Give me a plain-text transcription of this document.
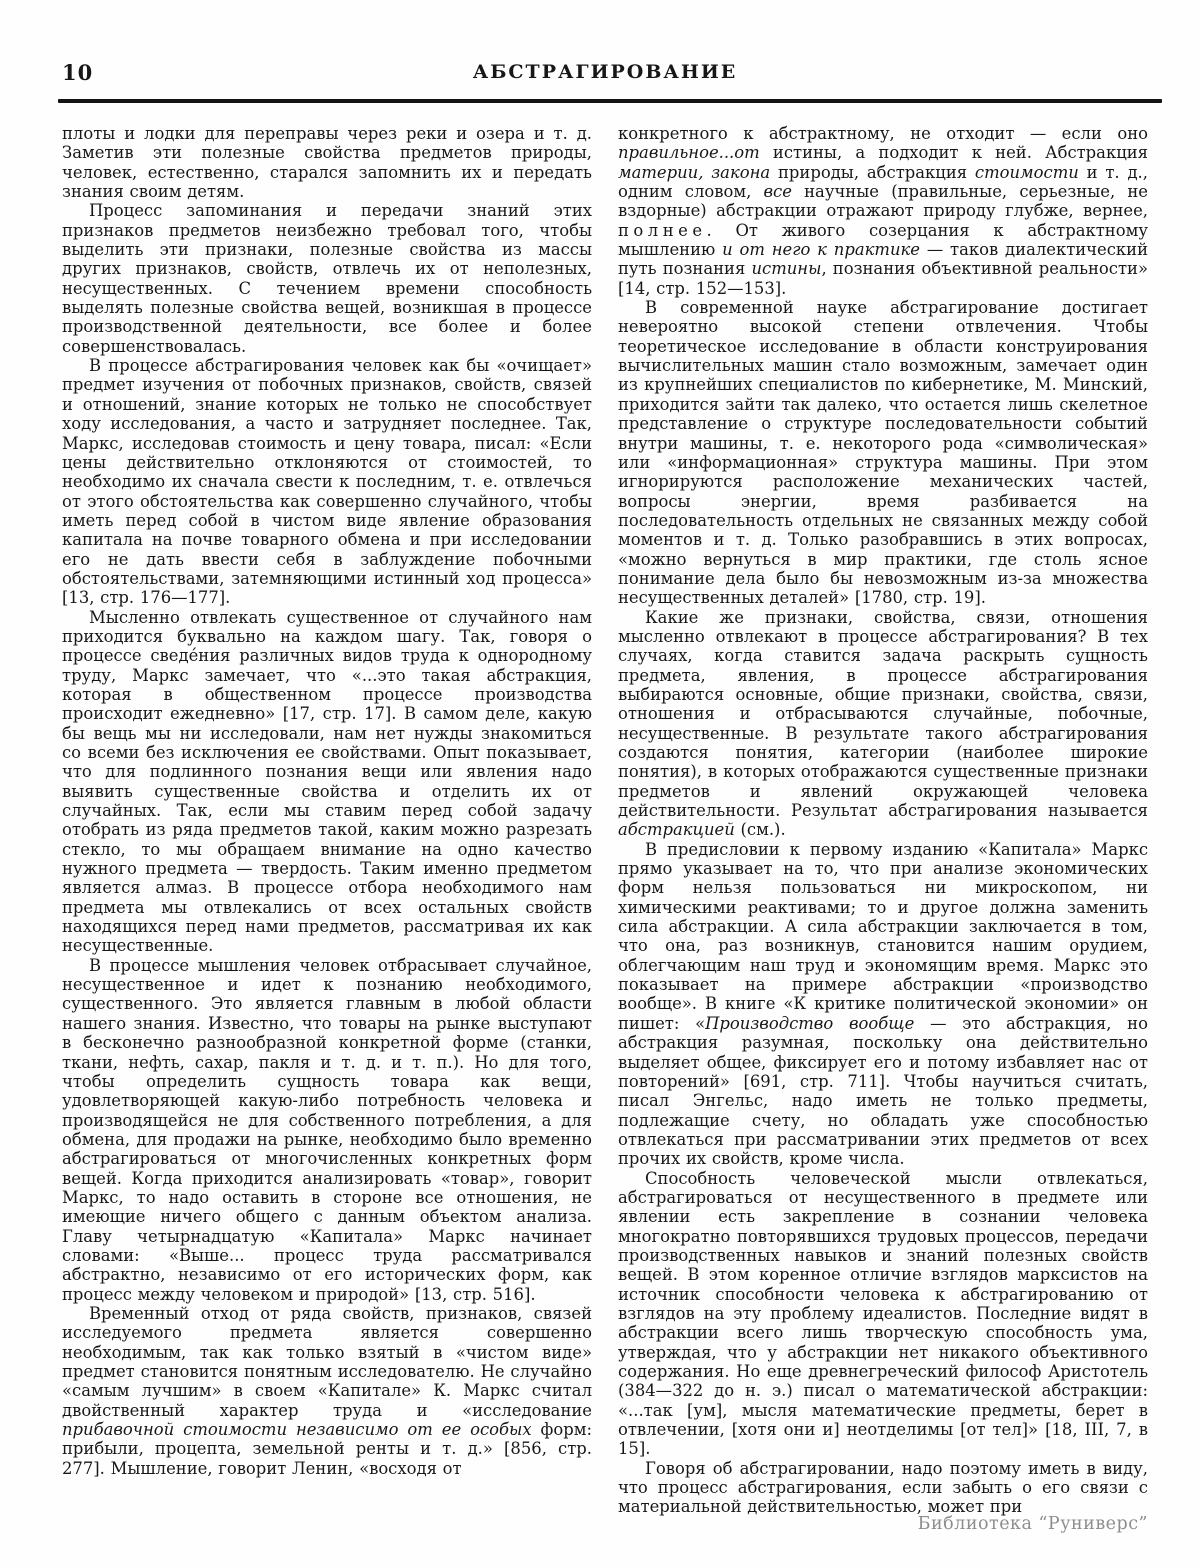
10	АБСТРАГИРОВАНИЕ

плоты и лодки для переправы через реки и озера и т. д. Заметив эти полезные свойства предметов природы, человек, естественно, старался запомнить их и передать знания своим детям.

Процесс запоминания и передачи знаний этих признаков предметов неизбежно требовал того, чтобы выделить эти признаки, полезные свойства из массы других признаков, свойств, отвлечь их от неполезных, несущественных. С течением времени способность выделять полезные свойства вещей, возникшая в процессе производственной деятельности, все более и более совершенствовалась.

В процессе абстрагирования человек как бы «очищает» предмет изучения от побочных признаков, свойств, связей и отношений, знание которых не только не способствует ходу исследования, а часто и затрудняет последнее. Так, Маркс, исследовав стоимость и цену товара, писал: «Если цены действительно отклоняются от стоимостей, то необходимо их сначала свести к последним, т. е. отвлечься от этого обстоятельства как совершенно случайного, чтобы иметь перед собой в чистом виде явление образования капитала на почве товарного обмена и при исследовании его не дать ввести себя в заблуждение побочными обстоятельствами, затемняющими истинный ход процесса» [13, стр. 176—177].

Мысленно отвлекать существенное от случайного нам приходится буквально на каждом шагу. Так, говоря о процессе сведе́ния различных видов труда к однородному труду, Маркс замечает, что «...это такая абстракция, которая в общественном процессе производства происходит ежедневно» [17, стр. 17]. В самом деле, какую бы вещь мы ни исследовали, нам нет нужды знакомиться со всеми без исключения ее свойствами. Опыт показывает, что для подлинного познания вещи или явления надо выявить существенные свойства и отделить их от случайных. Так, если мы ставим перед собой задачу отобрать из ряда предметов такой, каким можно разрезать стекло, то мы обращаем внимание на одно качество нужного предмета — твердость. Таким именно предметом является алмаз. В процессе отбора необходимого нам предмета мы отвлекались от всех остальных свойств находящихся перед нами предметов, рассматривая их как несущественные.

В процессе мышления человек отбрасывает случайное, несущественное и идет к познанию необходимого, существенного. Это является главным в любой области нашего знания. Известно, что товары на рынке выступают в бесконечно разнообразной конкретной форме (станки, ткани, нефть, сахар, пакля и т. д. и т. п.). Но для того, чтобы определить сущность товара как вещи, удовлетворяющей какую-либо потребность человека и производящейся не для собственного потребления, а для обмена, для продажи на рынке, необходимо было временно абстрагироваться от многочисленных конкретных форм вещей. Когда приходится анализировать «товар», говорит Маркс, то надо оставить в стороне все отношения, не имеющие ничего общего с данным объектом анализа. Главу четырнадцатую «Капитала» Маркс начинает словами: «Выше... процесс труда рассматривался абстрактно, независимо от его исторических форм, как процесс между человеком и природой» [13, стр. 516].

Временный отход от ряда свойств, признаков, связей исследуемого предмета является совершенно необходимым, так как только взятый в «чистом виде» предмет становится понятным исследователю. Не случайно «самым лучшим» в своем «Капитале» К. Маркс считал двойственный характер труда и «исследование прибавочной стоимости независимо от ее особых форм: прибыли, процепта, земельной ренты и т. д.» [856, стр. 277]. Мышление, говорит Ленин, «восходя от

конкретного к абстрактному, не отходит — если оно правильное...от истины, а подходит к ней. Абстракция материи, закона природы, абстракция стоимости и т. д., одним словом, все научные (правильные, серьезные, не вздорные) абстракции отражают природу глубже, вернее, полнее. От живого созерцания к абстрактному мышлению и от него к практике — таков диалектический путь познания истины, познания объективной реальности» [14, стр. 152—153].

В современной науке абстрагирование достигает невероятно высокой степени отвлечения. Чтобы теоретическое исследование в области конструирования вычислительных машин стало возможным, замечает один из крупнейших специалистов по кибернетике, М. Минский, приходится зайти так далеко, что остается лишь скелетное представление о структуре последовательности событий внутри машины, т. е. некоторого рода «символическая» или «информационная» структура машины. При этом игнорируются расположение механических частей, вопросы энергии, время разбивается на последовательность отдельных не связанных между собой моментов и т. д. Только разобравшись в этих вопросах, «можно вернуться в мир практики, где столь ясное понимание дела было бы невозможным из-за множества несущественных деталей» [1780, стр. 19].

Какие же признаки, свойства, связи, отношения мысленно отвлекают в процессе абстрагирования? В тех случаях, когда ставится задача раскрыть сущность предмета, явления, в процессе абстрагирования выбираются основные, общие признаки, свойства, связи, отношения и отбрасываются случайные, побочные, несущественные. В результате такого абстрагирования создаются понятия, категории (наиболее широкие понятия), в которых отображаются существенные признаки предметов и явлений окружающей человека действительности. Результат абстрагирования называется абстракцией (см.).

В предисловии к первому изданию «Капитала» Маркс прямо указывает на то, что при анализе экономических форм нельзя пользоваться ни микроскопом, ни химическими реактивами; то и другое должна заменить сила абстракции. А сила абстракции заключается в том, что она, раз возникнув, становится нашим орудием, облегчающим наш труд и экономящим время. Маркс это показывает на примере абстракции «производство вообще». В книге «К критике политической экономии» он пишет: «Производство вообще — это абстракция, но абстракция разумная, поскольку она действительно выделяет общее, фиксирует его и потому избавляет нас от повторений» [691, стр. 711]. Чтобы научиться считать, писал Энгельс, надо иметь не только предметы, подлежащие счету, но обладать уже способностью отвлекаться при рассматривании этих предметов от всех прочих их свойств, кроме числа.

Способность человеческой мысли отвлекаться, абстрагироваться от несущественного в предмете или явлении есть закрепление в сознании человека многократно повторявшихся трудовых процессов, передачи производственных навыков и знаний полезных свойств вещей. В этом коренное отличие взглядов марксистов на источник способности человека к абстрагированию от взглядов на эту проблему идеалистов. Последние видят в абстракции всего лишь творческую способность ума, утверждая, что у абстракции нет никакого объективного содержания. Но еще древнегреческий философ Аристотель (384—322 до н. э.) писал о математической абстракции: «...так [ум], мысля математические предметы, берет в отвлечении, [хотя они и] неотделимы [от тел]» [18, III, 7, в 15].

Говоря об абстрагировании, надо поэтому иметь в виду, что процесс абстрагирования, если забыть о его связи с материальной действительностью, может при

Библиотека “Руниверс”
